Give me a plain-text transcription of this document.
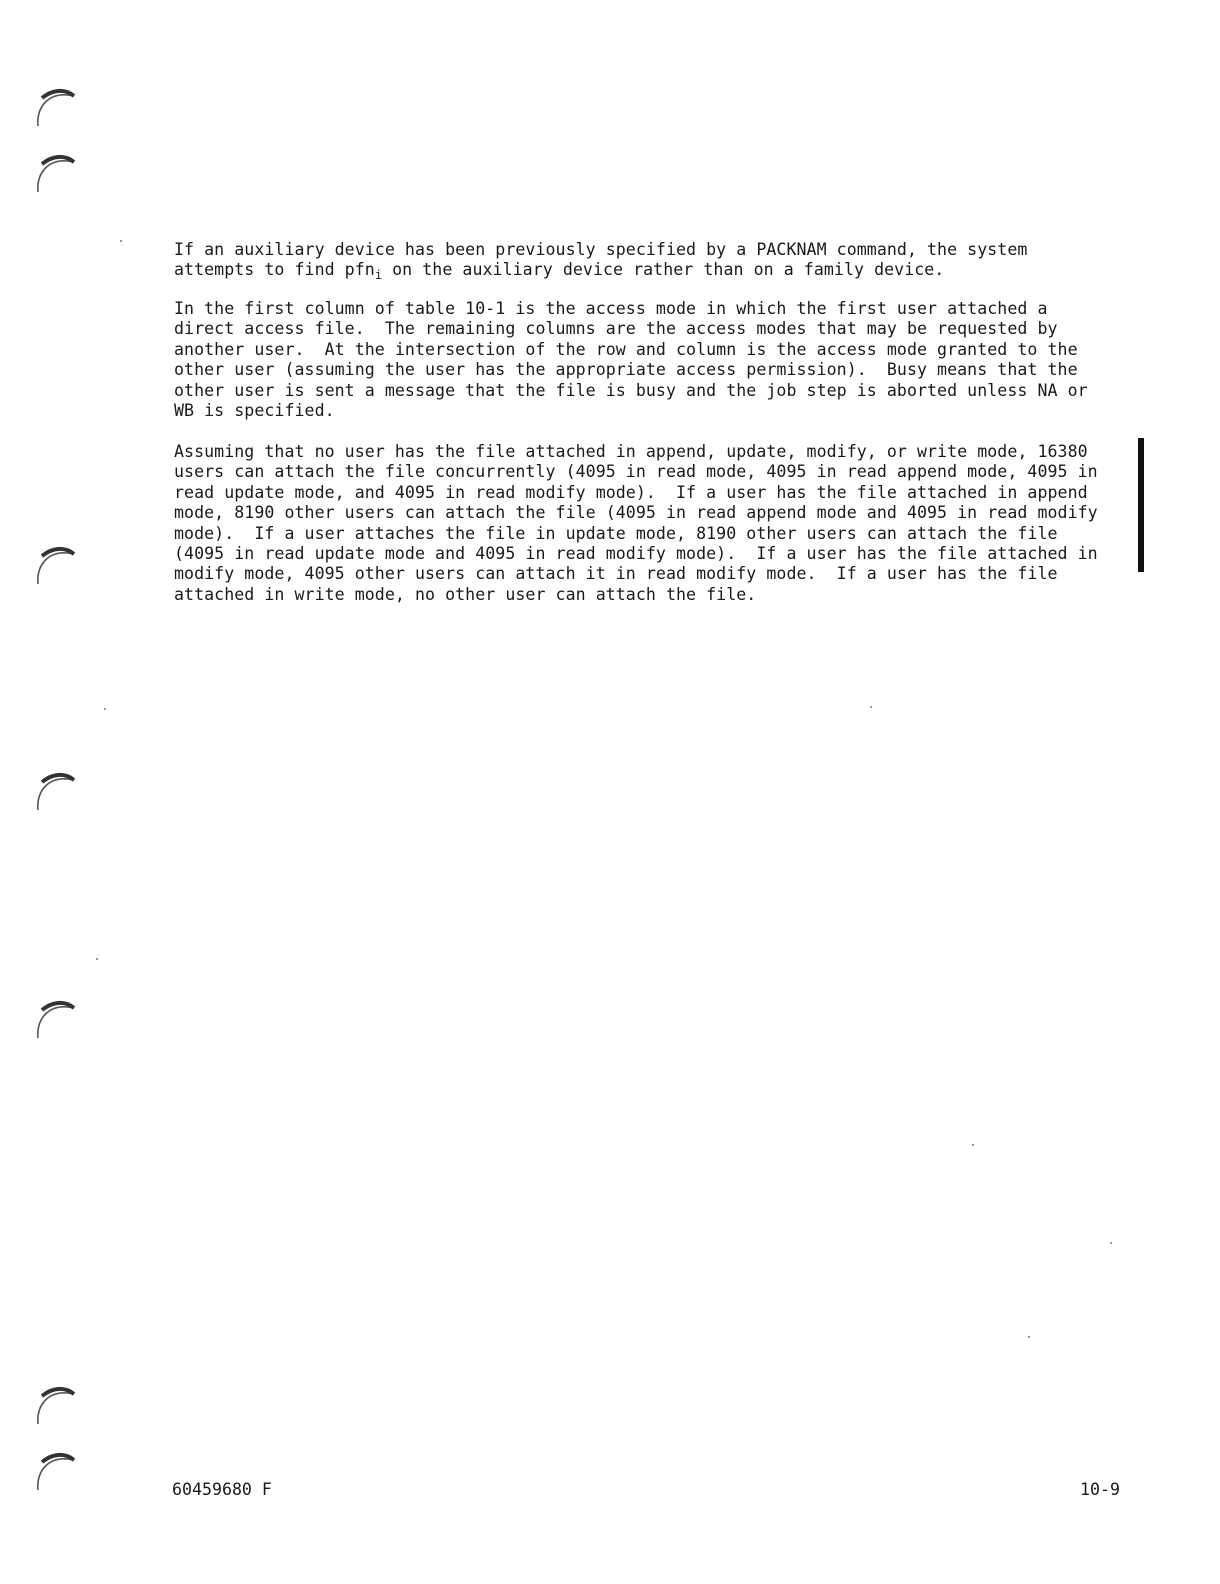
If an auxiliary device has been previously specified by a PACKNAM command, the system
attempts to find pfn$_i$ on the auxiliary device rather than on a family device.
In the first column of table 10-1 is the access mode in which the first user attached a
direct access file.  The remaining columns are the access modes that may be requested by
another user.  At the intersection of the row and column is the access mode granted to the
other user (assuming the user has the appropriate access permission).  Busy means that the
other user is sent a message that the file is busy and the job step is aborted unless NA or
WB is specified.
Assuming that no user has the file attached in append, update, modify, or write mode, 16380
users can attach the file concurrently (4095 in read mode, 4095 in read append mode, 4095 in
read update mode, and 4095 in read modify mode).  If a user has the file attached in append
mode, 8190 other users can attach the file (4095 in read append mode and 4095 in read modify
mode).  If a user attaches the file in update mode, 8190 other users can attach the file
(4095 in read update mode and 4095 in read modify mode).  If a user has the file attached in
modify mode, 4095 other users can attach it in read modify mode.  If a user has the file
attached in write mode, no other user can attach the file.
60459680 F	10-9
